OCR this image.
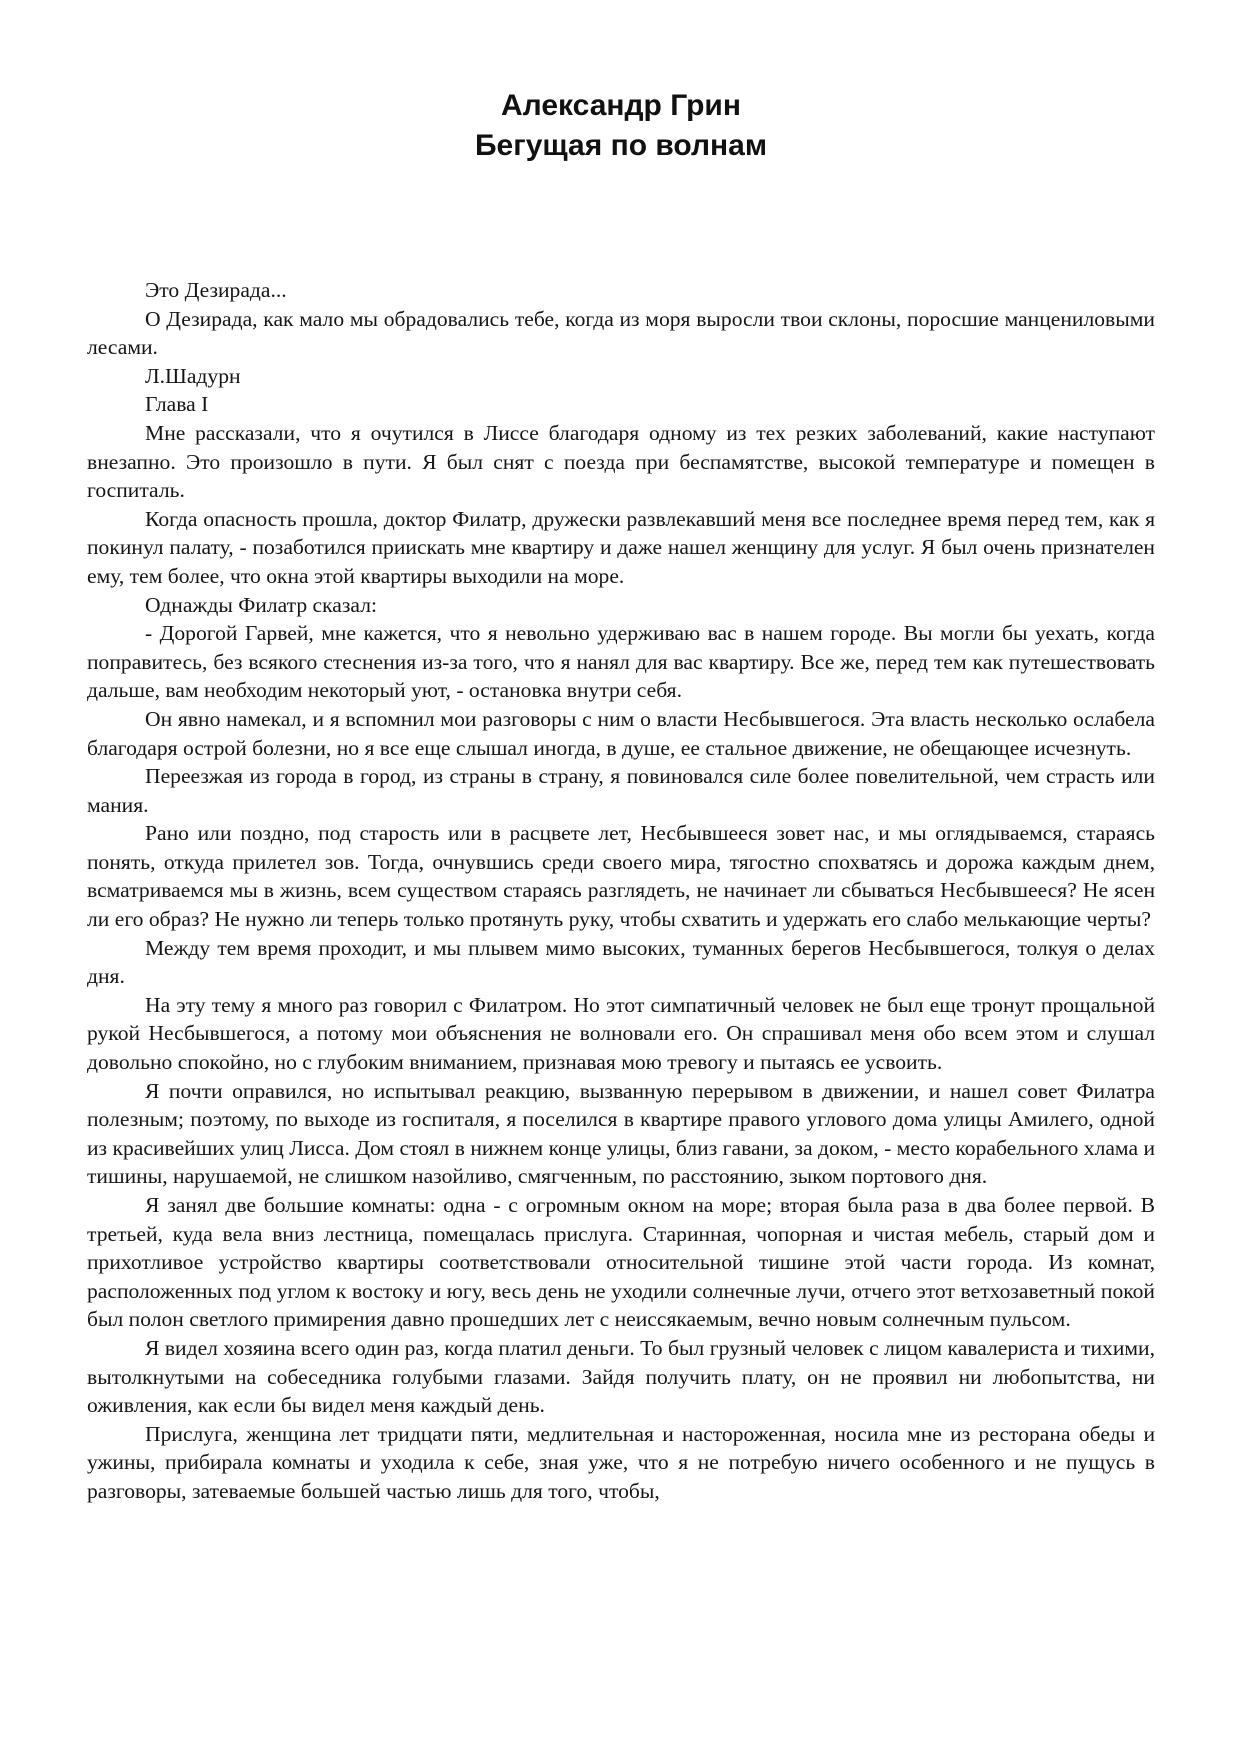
Александр Грин
Бегущая по волнам

Это Дезирада...

О Дезирада, как мало мы обрадовались тебе, когда из моря выросли твои склоны, поросшие манцениловыми лесами.

Л.Шадурн

Глава I

Мне рассказали, что я очутился в Лиссе благодаря одному из тех резких заболеваний, какие наступают внезапно. Это произошло в пути. Я был снят с поезда при беспамятстве, высокой температуре и помещен в госпиталь.

Когда опасность прошла, доктор Филатр, дружески развлекавший меня все последнее время перед тем, как я покинул палату, - позаботился приискать мне квартиру и даже нашел женщину для услуг. Я был очень признателен ему, тем более, что окна этой квартиры выходили на море.

Однажды Филатр сказал:

- Дорогой Гарвей, мне кажется, что я невольно удерживаю вас в нашем городе. Вы могли бы уехать, когда поправитесь, без всякого стеснения из-за того, что я нанял для вас квартиру. Все же, перед тем как путешествовать дальше, вам необходим некоторый уют, - остановка внутри себя.

Он явно намекал, и я вспомнил мои разговоры с ним о власти Несбывшегося. Эта власть несколько ослабела благодаря острой болезни, но я все еще слышал иногда, в душе, ее стальное движение, не обещающее исчезнуть.

Переезжая из города в город, из страны в страну, я повиновался силе более повелительной, чем страсть или мания.

Рано или поздно, под старость или в расцвете лет, Несбывшееся зовет нас, и мы оглядываемся, стараясь понять, откуда прилетел зов. Тогда, очнувшись среди своего мира, тягостно спохватясь и дорожа каждым днем, всматриваемся мы в жизнь, всем существом стараясь разглядеть, не начинает ли сбываться Несбывшееся? Не ясен ли его образ? Не нужно ли теперь только протянуть руку, чтобы схватить и удержать его слабо мелькающие черты?

Между тем время проходит, и мы плывем мимо высоких, туманных берегов Несбывшегося, толкуя о делах дня.

На эту тему я много раз говорил с Филатром. Но этот симпатичный человек не был еще тронут прощальной рукой Несбывшегося, а потому мои объяснения не волновали его. Он спрашивал меня обо всем этом и слушал довольно спокойно, но с глубоким вниманием, признавая мою тревогу и пытаясь ее усвоить.

Я почти оправился, но испытывал реакцию, вызванную перерывом в движении, и нашел совет Филатра полезным; поэтому, по выходе из госпиталя, я поселился в квартире правого углового дома улицы Амилего, одной из красивейших улиц Лисса. Дом стоял в нижнем конце улицы, близ гавани, за доком, - место корабельного хлама и тишины, нарушаемой, не слишком назойливо, смягченным, по расстоянию, зыком портового дня.

Я занял две большие комнаты: одна - с огромным окном на море; вторая была раза в два более первой. В третьей, куда вела вниз лестница, помещалась прислуга. Старинная, чопорная и чистая мебель, старый дом и прихотливое устройство квартиры соответствовали относительной тишине этой части города. Из комнат, расположенных под углом к востоку и югу, весь день не уходили солнечные лучи, отчего этот ветхозаветный покой был полон светлого примирения давно прошедших лет с неиссякаемым, вечно новым солнечным пульсом.

Я видел хозяина всего один раз, когда платил деньги. То был грузный человек с лицом кавалериста и тихими, вытолкнутыми на собеседника голубыми глазами. Зайдя получить плату, он не проявил ни любопытства, ни оживления, как если бы видел меня каждый день.

Прислуга, женщина лет тридцати пяти, медлительная и настороженная, носила мне из ресторана обеды и ужины, прибирала комнаты и уходила к себе, зная уже, что я не потребую ничего особенного и не пущусь в разговоры, затеваемые большей частью лишь для того, чтобы,
